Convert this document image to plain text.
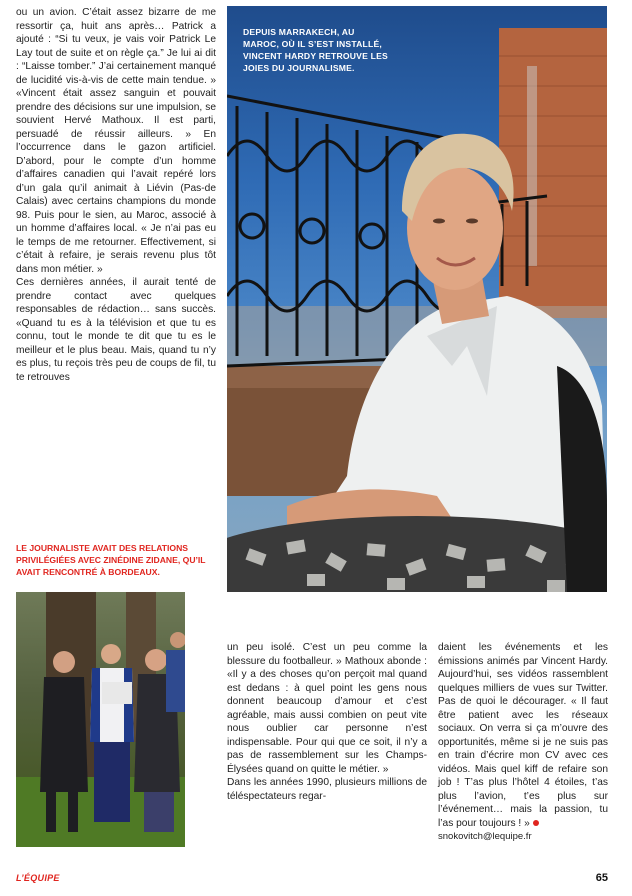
ou un avion. C’était assez bizarre de me ressortir ça, huit ans après… Patrick a ajouté : “Si tu veux, je vais voir Patrick Le Lay tout de suite et on règle ça.” Je lui ai dit : “Laisse tomber.” J’ai certainement manqué de lucidité vis-à-vis de cette main tendue. » «Vincent était assez sanguin et pouvait prendre des décisions sur une impulsion, se souvient Hervé Mathoux. Il est parti, persuadé de réussir ailleurs. » En l’occurrence dans le gazon artificiel. D’abord, pour le compte d’un homme d’affaires canadien qui l’avait repéré lors d’un gala qu’il animait à Liévin (Pas-de Calais) avec certains champions du monde 98. Puis pour le sien, au Maroc, associé à un homme d’affaires local. « Je n’ai pas eu le temps de me retourner. Effectivement, si c’était à refaire, je serais revenu plus tôt dans mon métier. »

Ces dernières années, il aurait tenté de prendre contact avec quelques responsables de rédaction… sans succès. «Quand tu es à la télévision et que tu es connu, tout le monde te dit que tu es le meilleur et le plus beau. Mais, quand tu n’y es plus, tu reçois très peu de coups de fil, tu te retrouves

DEPUIS MARRAKECH, AU MAROC, OÙ IL S’EST INSTALLÉ, VINCENT HARDY RETROUVE LES JOIES DU JOURNALISME.
LE JOURNALISTE AVAIT DES RELATIONS PRIVILÉGIÉES AVEC ZINÉDINE ZIDANE, QU’IL AVAIT RENCONTRÉ À BORDEAUX.

un peu isolé. C’est un peu comme la blessure du footballeur. » Mathoux abonde : «Il y a des choses qu’on perçoit mal quand est dedans : à quel point les gens nous donnent beaucoup d’amour et c’est agréable, mais aussi combien on peut vite nous oublier car personne n’est indispensable. Pour qui que ce soit, il n’y a pas de rassemblement sur les Champs-Élysées quand on quitte le métier. »

Dans les années 1990, plusieurs millions de téléspectateurs regar-

daient les événements et les émissions animés par Vincent Hardy. Aujourd’hui, ses vidéos rassemblent quelques milliers de vues sur Twitter. Pas de quoi le décourager. « Il faut être patient avec les réseaux sociaux. On verra si ça m’ouvre des opportunités, même si je ne suis pas en train d’écrire mon CV avec ces vidéos. Mais quel kiff de refaire son job ! T’as plus l’hôtel 4 étoiles, t’as plus l’avion, t’es plus sur l’événement… mais la passion, tu l’as pour toujours ! »

snokovitch@lequipe.fr

L’ÉQUIPE	65
